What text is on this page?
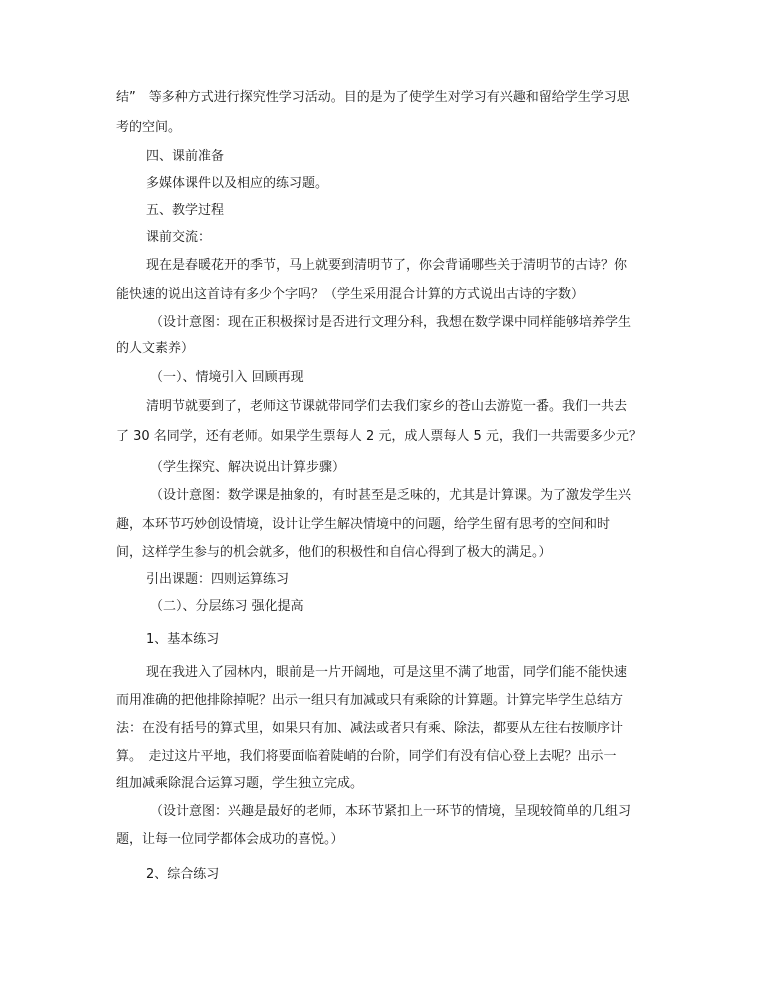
结”　等多种方式进行探究性学习活动。目的是为了使学生对学习有兴趣和留给学生学习思
考的空间。
四、课前准备
多媒体课件以及相应的练习题。
五、教学过程
课前交流：
现在是春暖花开的季节，马上就要到清明节了，你会背诵哪些关于清明节的古诗？你
能快速的说出这首诗有多少个字吗？（学生采用混合计算的方式说出古诗的字数）
（设计意图：现在正积极探讨是否进行文理分科，我想在数学课中同样能够培养学生
的人文素养）
（一）、情境引入 回顾再现
清明节就要到了，老师这节课就带同学们去我们家乡的苍山去游览一番。我们一共去
了 30 名同学，还有老师。如果学生票每人 2 元，成人票每人 5 元，我们一共需要多少元？
（学生探究、解决说出计算步骤）
（设计意图：数学课是抽象的，有时甚至是乏味的，尤其是计算课。为了激发学生兴
趣，本环节巧妙创设情境，设计让学生解决情境中的问题，给学生留有思考的空间和时
间，这样学生参与的机会就多，他们的积极性和自信心得到了极大的满足。）
引出课题：四则运算练习
（二）、分层练习 强化提高
1、基本练习
现在我进入了园林内，眼前是一片开阔地，可是这里不满了地雷，同学们能不能快速
而用准确的把他排除掉呢？出示一组只有加减或只有乘除的计算题。计算完毕学生总结方
法：在没有括号的算式里，如果只有加、减法或者只有乘、除法，都要从左往右按顺序计
算。　走过这片平地，我们将要面临着陡峭的台阶，同学们有没有信心登上去呢？出示一
组加减乘除混合运算习题，学生独立完成。
（设计意图：兴趣是最好的老师，本环节紧扣上一环节的情境，呈现较简单的几组习
题，让每一位同学都体会成功的喜悦。）
2、综合练习
